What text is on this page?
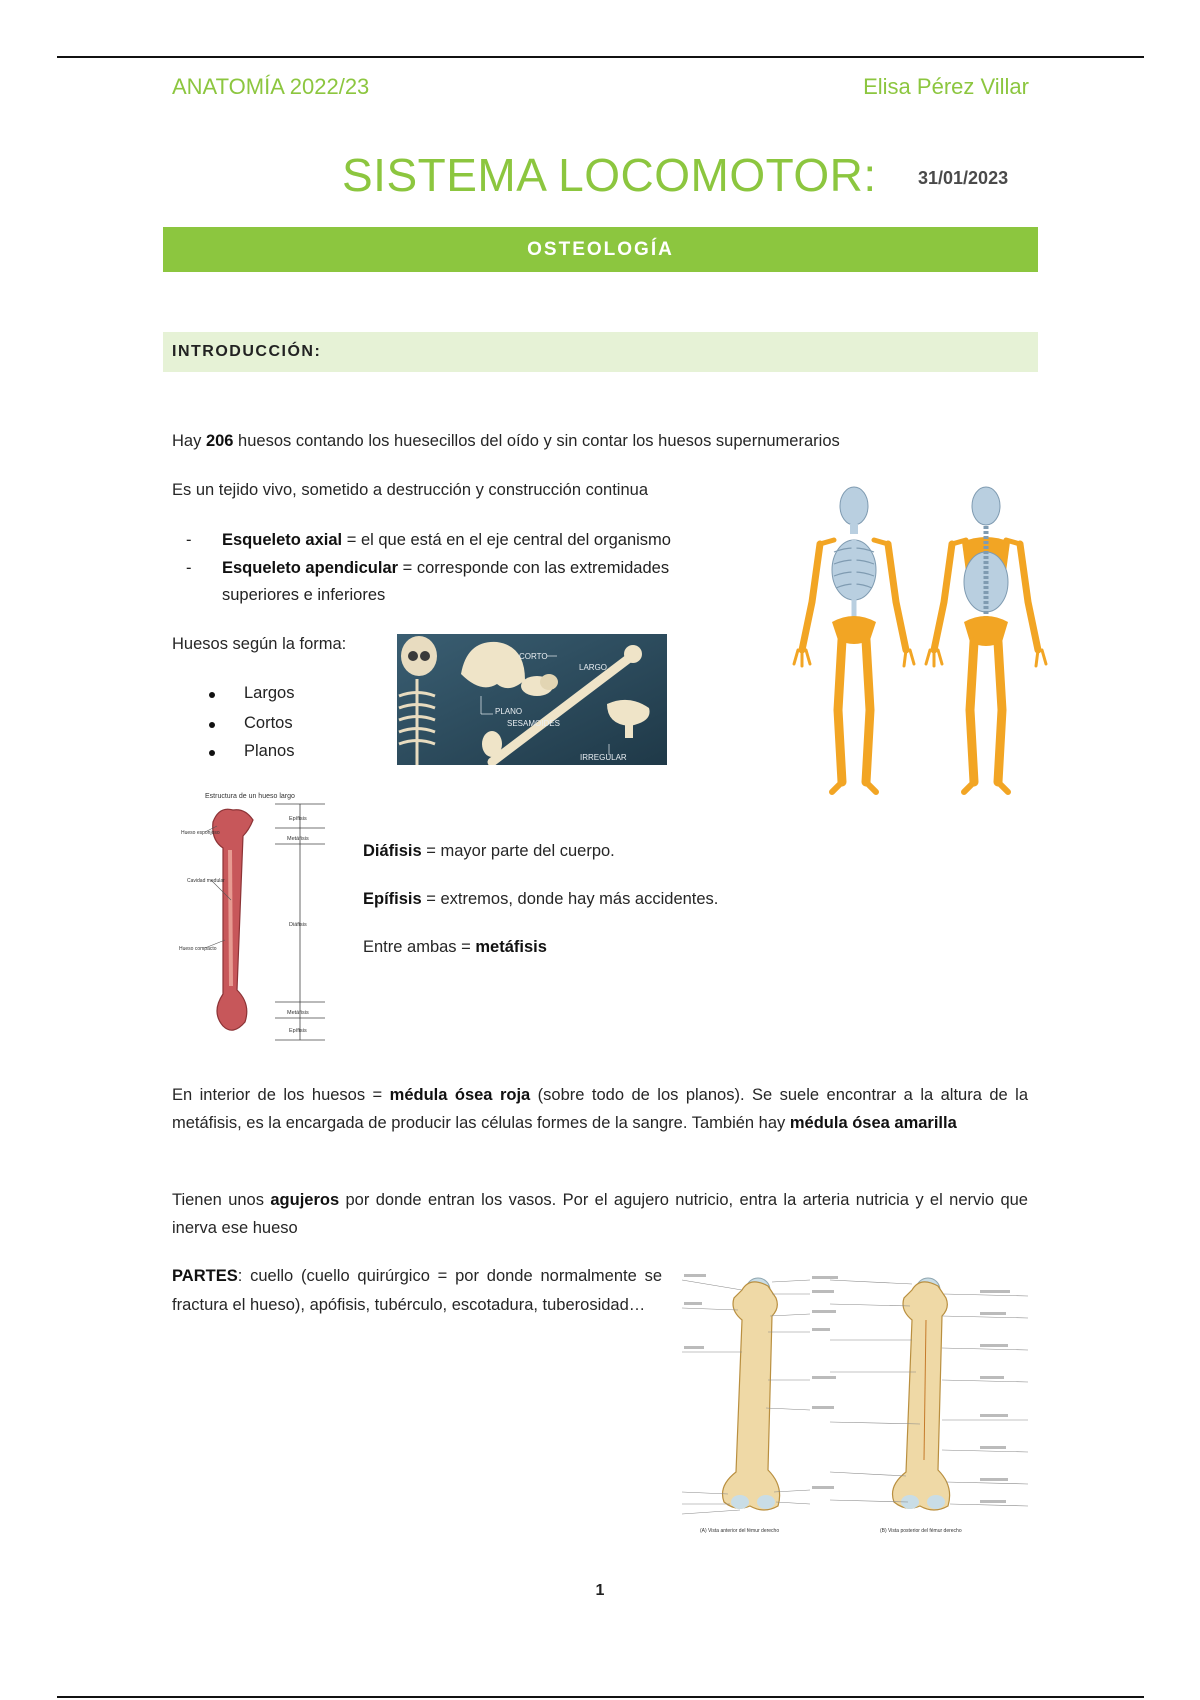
ANATOMÍA 2022/23	Elisa Pérez Villar
SISTEMA LOCOMOTOR: 31/01/2023
OSTEOLOGÍA
INTRODUCCIÓN:
Hay 206 huesos contando los huesecillos del oído y sin contar los huesos supernumerarios
Es un tejido vivo, sometido a destrucción y construcción continua
- Esqueleto axial = el que está en el eje central del organismo
- Esqueleto apendicular = corresponde con las extremidades superiores e inferiores
Huesos según la forma:
Largos
Cortos
Planos
CORTO
LARGO
PLANO
SESAMOIDES
IRREGULAR
Estructura de un hueso largo
Hueso esponjoso
Cavidad medular
Hueso compacto
Epífisis
Metáfisis
Diáfisis
Metáfisis
Epífisis
Diáfisis = mayor parte del cuerpo.
Epífisis = extremos, donde hay más accidentes.
Entre ambas = metáfisis
En interior de los huesos = médula ósea roja (sobre todo de los planos). Se suele encontrar a la altura de la metáfisis, es la encargada de producir las células formes de la sangre. También hay médula ósea amarilla
Tienen unos agujeros por donde entran los vasos. Por el agujero nutricio, entra la arteria nutricia y el nervio que inerva ese hueso
PARTES: cuello (cuello quirúrgico = por donde normalmente se fractura el hueso), apófisis, tubérculo, escotadura, tuberosidad…
(A) Vista anterior del fémur derecho	(B) Vista posterior del fémur derecho
1
